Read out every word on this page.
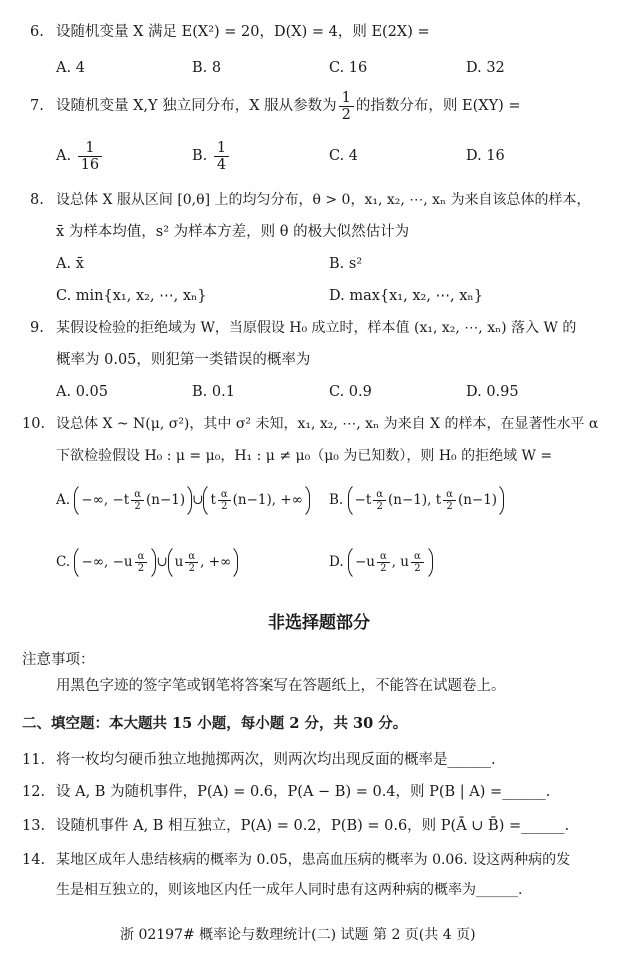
6. 设随机变量 X 满足 E(X²) = 20，D(X) = 4，则 E(2X) =
A. 4	B. 8	C. 16	D. 32
7. 设随机变量 X,Y 独立同分布，X 服从参数为 $\frac{1}{2}$ 的指数分布，则 E(XY) =
A. $\frac{1}{16}$	B. $\frac{1}{4}$	C. 4	D. 16
8. 设总体 X 服从区间 [0,θ] 上的均匀分布，θ > 0，x₁, x₂, ⋯, xₙ 为来自该总体的样本，
x̄ 为样本均值，s² 为样本方差，则 θ 的极大似然估计为
A. x̄	B. s²
C. min{x₁, x₂, ⋯, xₙ}	D. max{x₁, x₂, ⋯, xₙ}
9. 某假设检验的拒绝域为 W，当原假设 H₀ 成立时，样本值 (x₁, x₂, ⋯, xₙ) 落入 W 的
概率为 0.05，则犯第一类错误的概率为
A. 0.05	B. 0.1	C. 0.9	D. 0.95
10. 设总体 X ~ N(μ, σ²)，其中 σ² 未知，x₁, x₂, ⋯, xₙ 为来自 X 的样本，在显著性水平 α
下欲检验假设 H₀ : μ = μ₀，H₁ : μ ≠ μ₀（μ₀ 为已知数），则 H₀ 的拒绝域 W =
A. −∞, $-t \frac{\alpha}{2} (n-1)$ ∪ t $\frac{\alpha}{2} (n-1)$, +∞	B. $-t \frac{\alpha}{2} (n-1)$, t $\frac{\alpha}{2} (n-1)$
C. −∞, $-u \frac{\alpha}{2}$ ∪ u $\frac{\alpha}{2}$ , +∞	D. $-u \frac{\alpha}{2}$ , u $\frac{\alpha}{2}$
非选择题部分
注意事项：
用黑色字迹的签字笔或钢笔将答案写在答题纸上，不能答在试题卷上。
二、填空题：本大题共 15 小题，每小题 2 分，共 30 分。
11. 将一枚均匀硬币独立地抛掷两次，则两次均出现反面的概率是______.
12. 设 A, B 为随机事件，P(A) = 0.6，P(A − B) = 0.4，则 P(B | A) =______.
13. 设随机事件 A, B 相互独立，P(A) = 0.2，P(B) = 0.6，则 P(Ā ∪ B̄) =______.
14. 某地区成年人患结核病的概率为 0.05，患高血压病的概率为 0.06. 设这两种病的发
生是相互独立的，则该地区内任一成年人同时患有这两种病的概率为______.
浙 02197# 概率论与数理统计(二) 试题 第 2 页(共 4 页)
